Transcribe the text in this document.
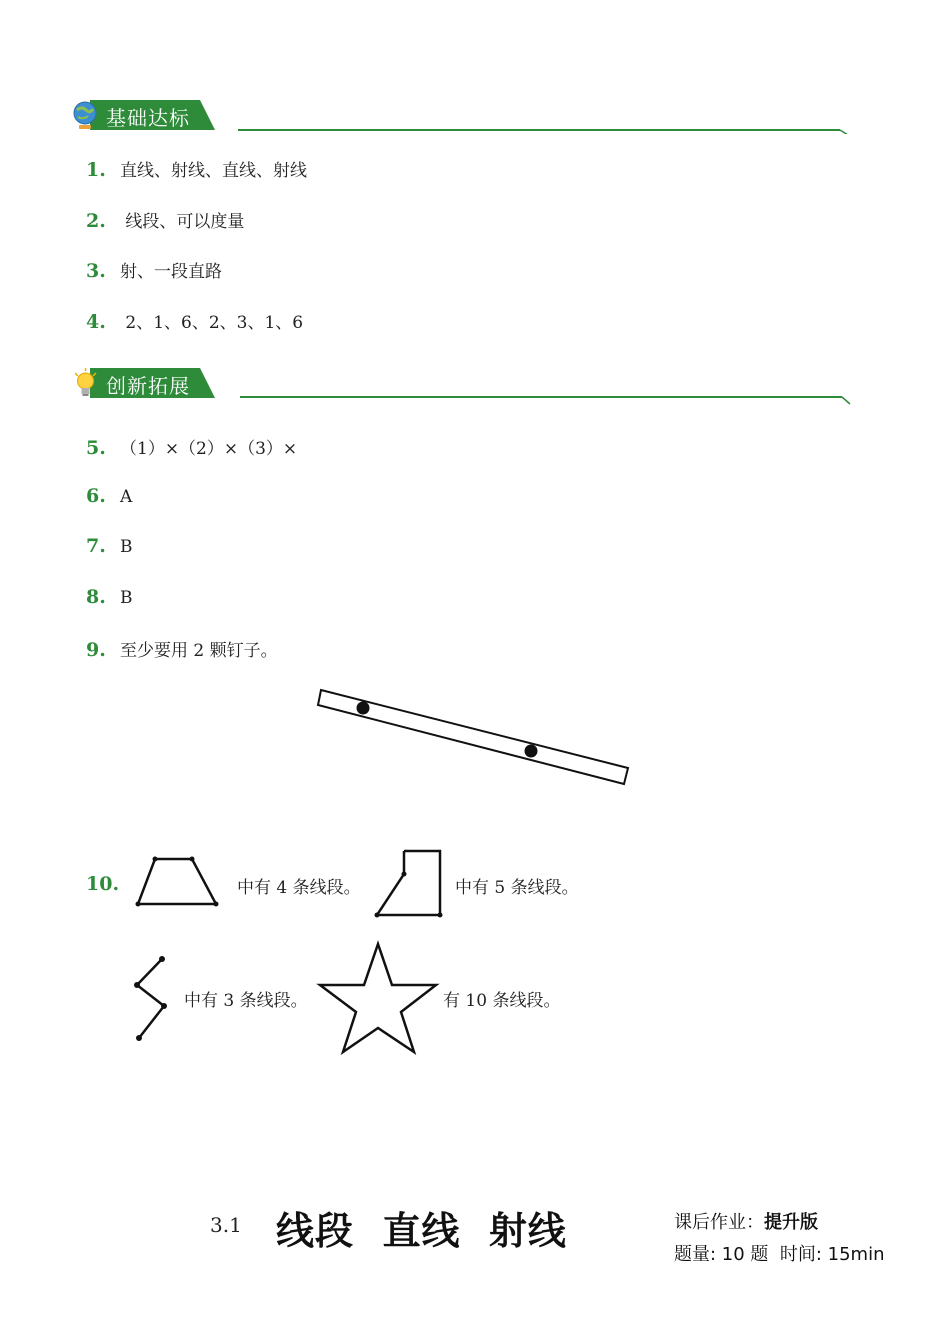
基础达标
1. 直线、射线、直线、射线
2. 线段、可以度量
3. 射、一段直路
4. 2、1、6、2、3、1、6
创新拓展
5. （1）×（2）×（3）×
6. A
7. B
8. B
9. 至少要用 2 颗钉子。
10.	中有 4 条线段。	中有 5 条线段。
中有 3 条线段。	有 10 条线段。
3.1 线段  直线  射线	课后作业：提升版
题量: 10 题  时间: 15min
